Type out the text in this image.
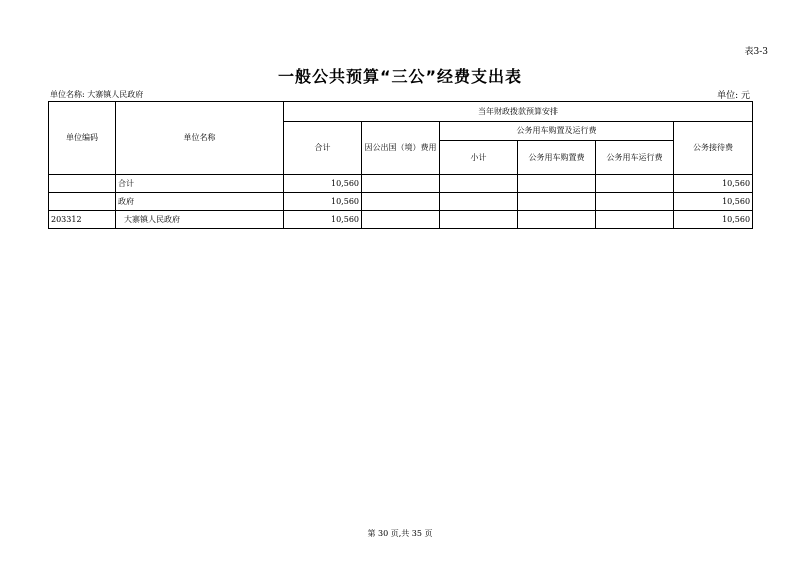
表3-3
一般公共预算“三公”经费支出表
单位名称: 大寨镇人民政府	单位: 元
单位编码	单位名称	当年财政拨款预算安排					
		合计	因公出国（境）费用	公务用车购置及运行费			公务接待费
				小计	公务用车购置费	公务用车运行费	
	合计	10,560					10,560
	政府	10,560					10,560
203312	大寨镇人民政府	10,560					10,560
第 30 页,共 35 页
